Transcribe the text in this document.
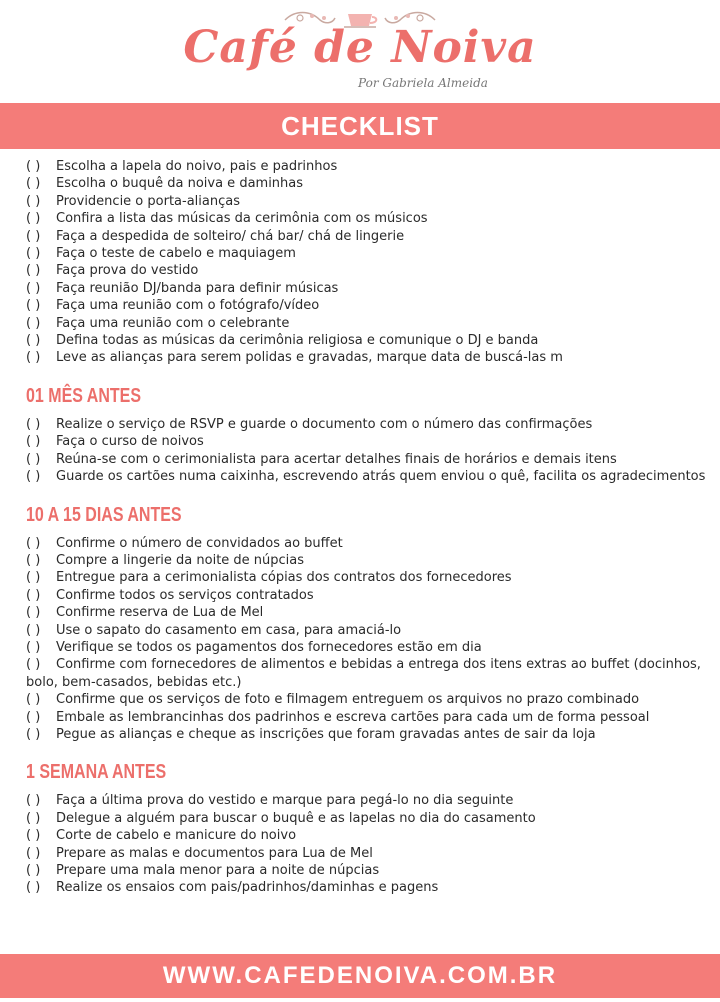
Café de Noiva
Por Gabriela Almeida
CHECKLIST
( ) Escolha a lapela do noivo, pais e padrinhos
( ) Escolha o buquê da noiva e daminhas
( ) Providencie o porta-alianças
( ) Confira a lista das músicas da cerimônia com os músicos
( ) Faça a despedida de solteiro/ chá bar/ chá de lingerie
( ) Faça o teste de cabelo e maquiagem
( ) Faça prova do vestido
( ) Faça reunião DJ/banda para definir músicas
( ) Faça uma reunião com o fotógrafo/vídeo
( ) Faça uma reunião com o celebrante
( ) Defina todas as músicas da cerimônia religiosa e comunique o DJ e banda
( ) Leve as alianças para serem polidas e gravadas, marque data de buscá-las m
01 MÊS ANTES
( ) Realize o serviço de RSVP e guarde o documento com o número das confirmações
( ) Faça o curso de noivos
( ) Reúna-se com o cerimonialista para acertar detalhes finais de horários e demais itens
( ) Guarde os cartões numa caixinha, escrevendo atrás quem enviou o quê, facilita os agradecimentos
10 A 15 DIAS ANTES
( ) Confirme o número de convidados ao buffet
( ) Compre a lingerie da noite de núpcias
( ) Entregue para a cerimonialista cópias dos contratos dos fornecedores
( ) Confirme todos os serviços contratados
( ) Confirme reserva de Lua de Mel
( ) Use o sapato do casamento em casa, para amaciá-lo
( ) Verifique se todos os pagamentos dos fornecedores estão em dia
( ) Confirme com fornecedores de alimentos e bebidas a entrega dos itens extras ao buffet (docinhos, bolo, bem-casados, bebidas etc.)
( ) Confirme que os serviços de foto e filmagem entreguem os arquivos no prazo combinado
( ) Embale as lembrancinhas dos padrinhos e escreva cartões para cada um de forma pessoal
( ) Pegue as alianças e cheque as inscrições que foram gravadas antes de sair da loja
1 SEMANA ANTES
( ) Faça a última prova do vestido e marque para pegá-lo no dia seguinte
( ) Delegue a alguém para buscar o buquê e as lapelas no dia do casamento
( ) Corte de cabelo e manicure do noivo
( ) Prepare as malas e documentos para Lua de Mel
( ) Prepare uma mala menor para a noite de núpcias
( ) Realize os ensaios com pais/padrinhos/daminhas e pagens
WWW.CAFEDENOIVA.COM.BR
